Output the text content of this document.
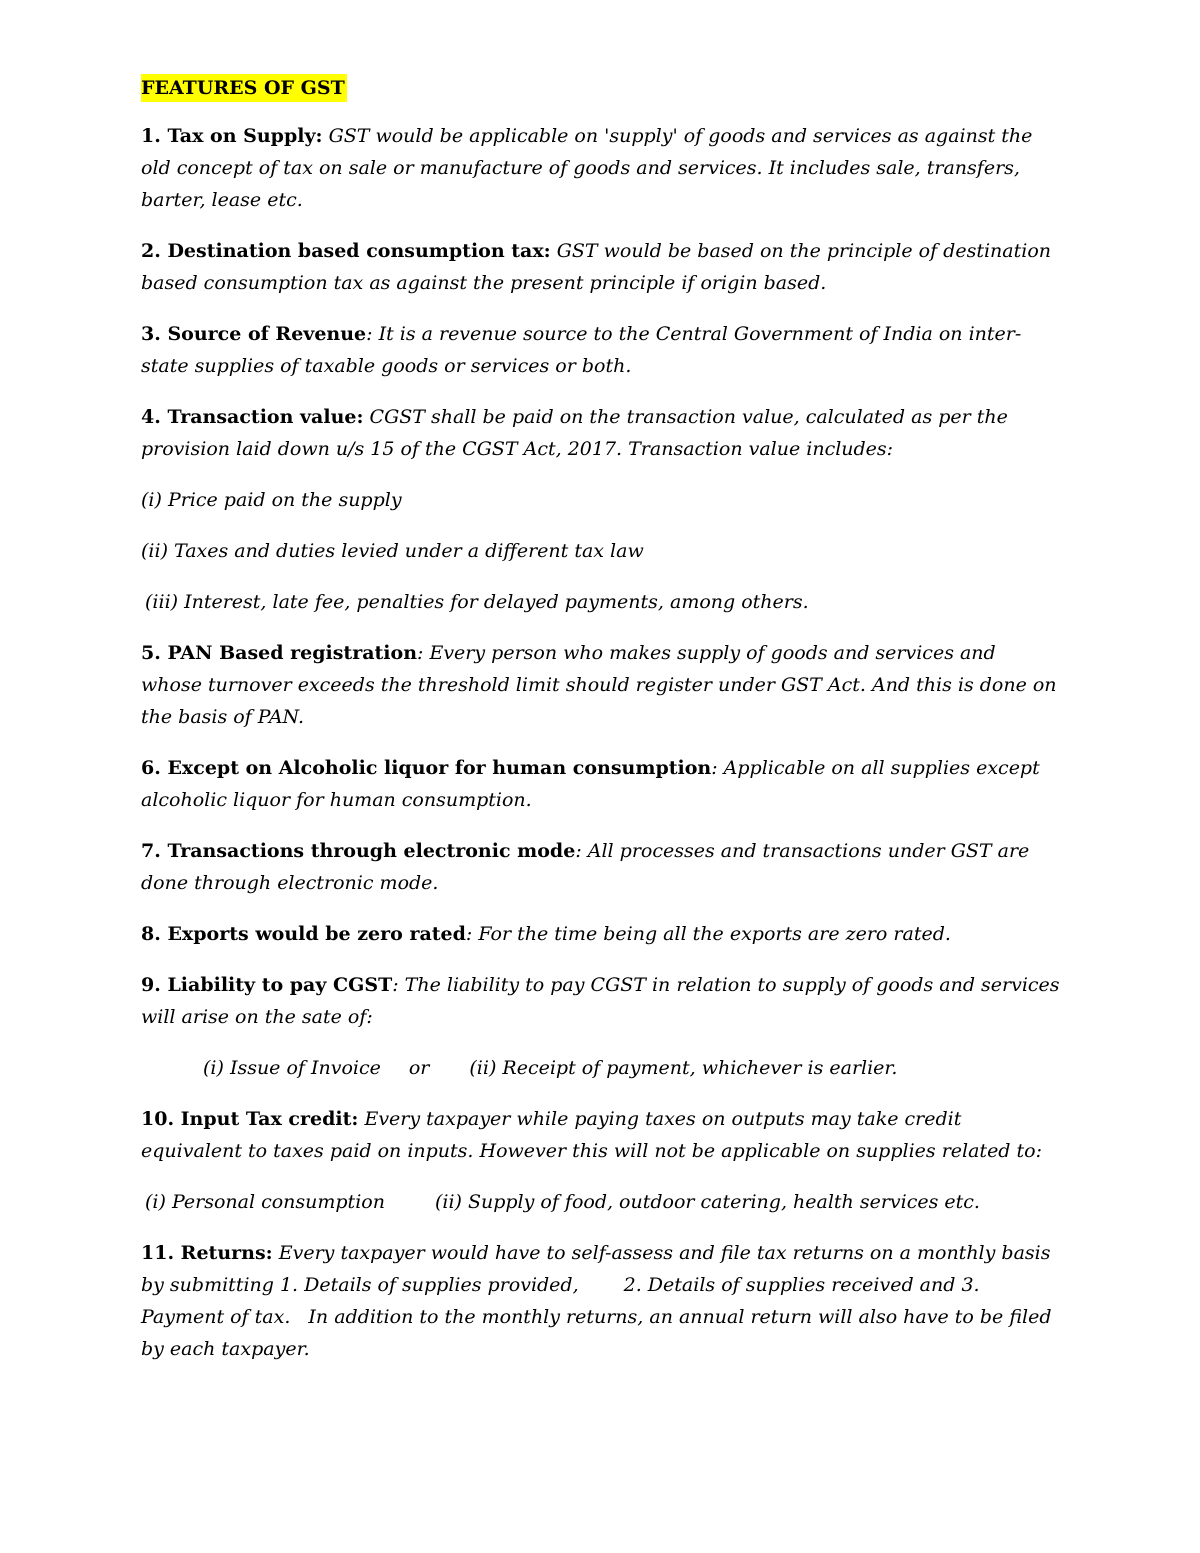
FEATURES OF GST

1. Tax on Supply: GST would be applicable on 'supply' of goods and services as against the old concept of tax on sale or manufacture of goods and services. It includes sale, transfers, barter, lease etc.

2. Destination based consumption tax: GST would be based on the principle of destination based consumption tax as against the present principle if origin based.

3. Source of Revenue: It is a revenue source to the Central Government of India on inter-state supplies of taxable goods or services or both.

4. Transaction value: CGST shall be paid on the transaction value, calculated as per the provision laid down u/s 15 of the CGST Act, 2017. Transaction value includes:

(i) Price paid on the supply

(ii) Taxes and duties levied under a different tax law

(iii) Interest, late fee, penalties for delayed payments, among others.

5. PAN Based registration: Every person who makes supply of goods and services and whose turnover exceeds the threshold limit should register under GST Act. And this is done on the basis of PAN.

6. Except on Alcoholic liquor for human consumption: Applicable on all supplies except alcoholic liquor for human consumption.

7. Transactions through electronic mode: All processes and transactions under GST are done through electronic mode.

8. Exports would be zero rated: For the time being all the exports are zero rated.

9. Liability to pay CGST: The liability to pay CGST in relation to supply of goods and services will arise on the sate of:

(i) Issue of Invoice or (ii) Receipt of payment, whichever is earlier.

10. Input Tax credit: Every taxpayer while paying taxes on outputs may take credit equivalent to taxes paid on inputs. However this will not be applicable on supplies related to:

(i) Personal consumption	(ii) Supply of food, outdoor catering, health services etc.

11. Returns: Every taxpayer would have to self-assess and file tax returns on a monthly basis by submitting 1. Details of supplies provided, 2. Details of supplies received and 3. Payment of tax. In addition to the monthly returns, an annual return will also have to be filed by each taxpayer.
